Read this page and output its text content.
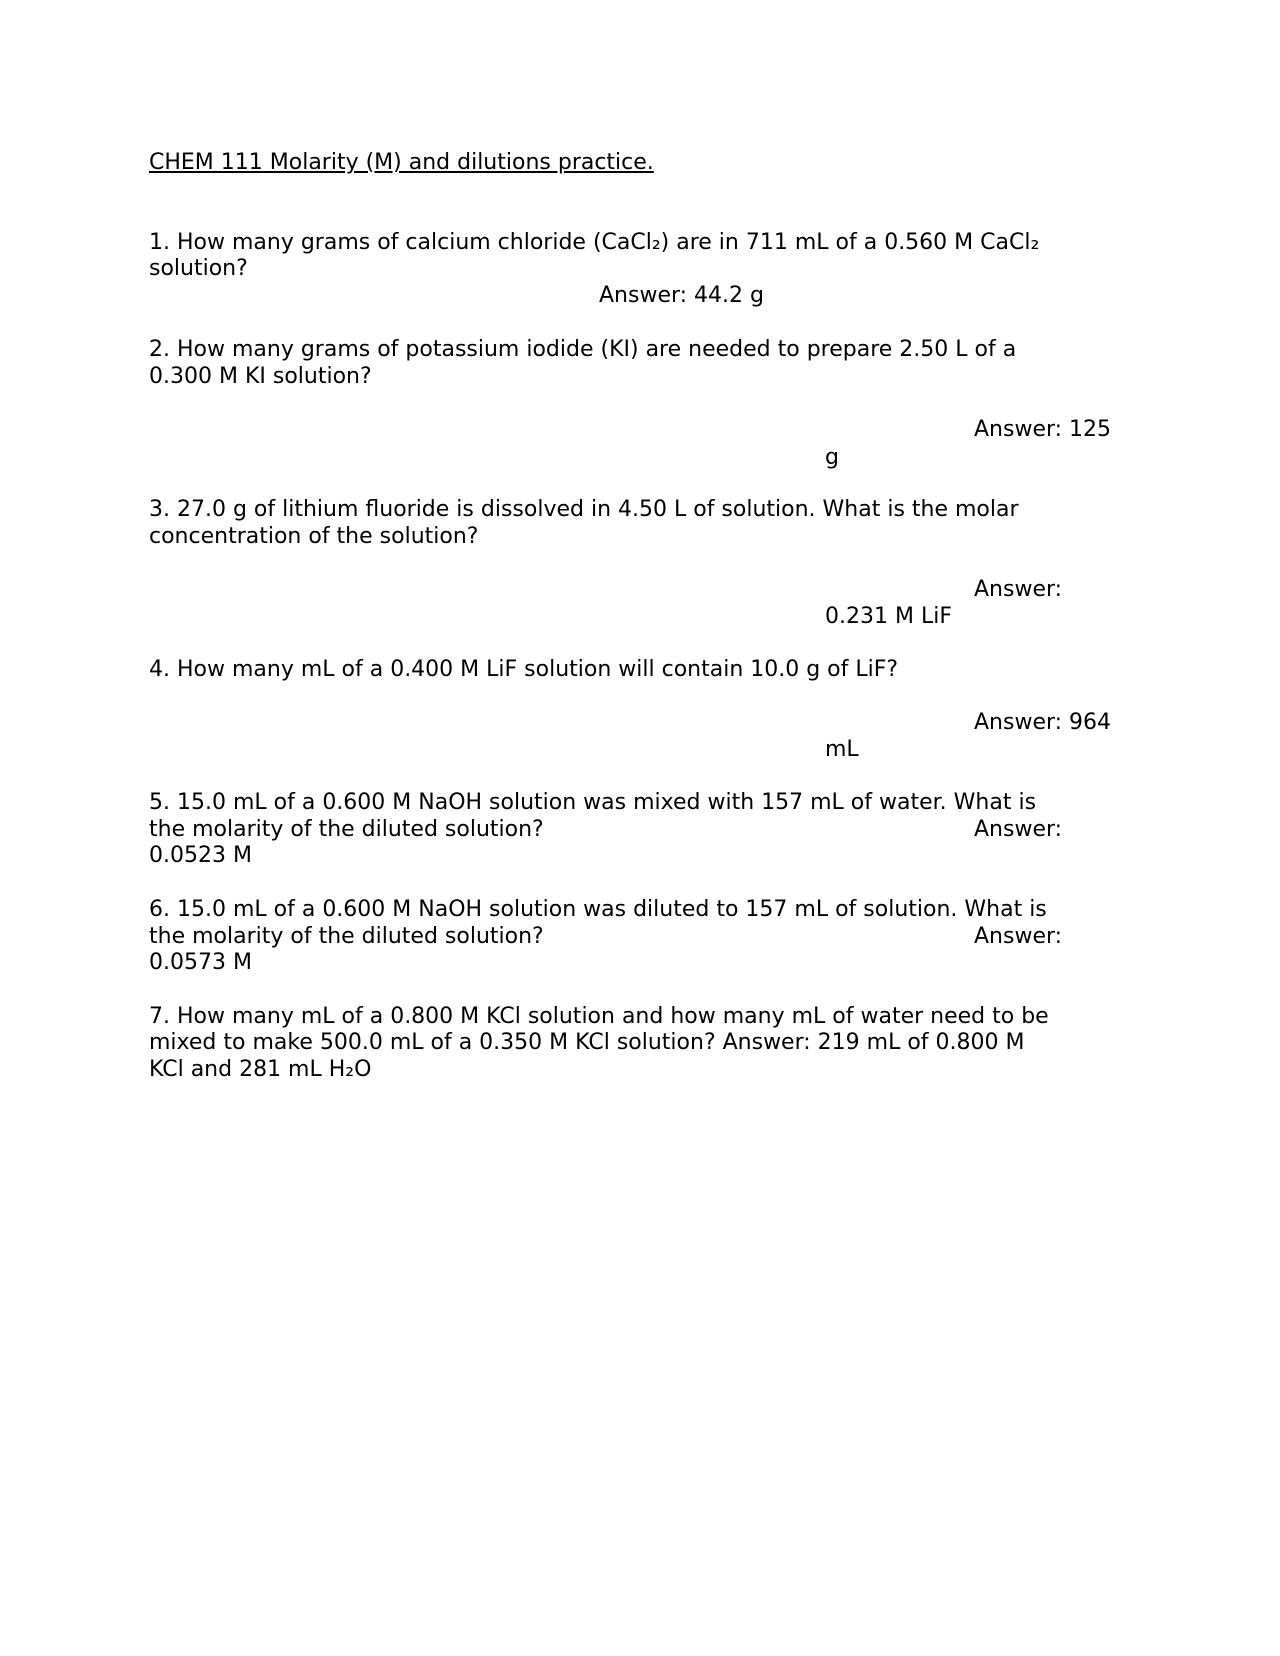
CHEM 111 Molarity (M) and dilutions practice.

1. How many grams of calcium chloride (CaCl₂) are in 711 mL of a 0.560 M CaCl₂

solution?

Answer: 44.2 g

2. How many grams of potassium iodide (KI) are needed to prepare 2.50 L of a

0.300 M KI solution?

Answer: 125

g

3. 27.0 g of lithium fluoride is dissolved in 4.50 L of solution. What is the molar

concentration of the solution?

Answer:

0.231 M LiF

4. How many mL of a 0.400 M LiF solution will contain 10.0 g of LiF?

Answer: 964

mL

5. 15.0 mL of a 0.600 M NaOH solution was mixed with 157 mL of water. What is

the molarity of the diluted solution?	Answer:

0.0523 M

6. 15.0 mL of a 0.600 M NaOH solution was diluted to 157 mL of solution. What is

the molarity of the diluted solution?	Answer:

0.0573 M

7. How many mL of a 0.800 M KCl solution and how many mL of water need to be

mixed to make 500.0 mL of a 0.350 M KCl solution? Answer: 219 mL of 0.800 M

KCl and 281 mL H₂O
